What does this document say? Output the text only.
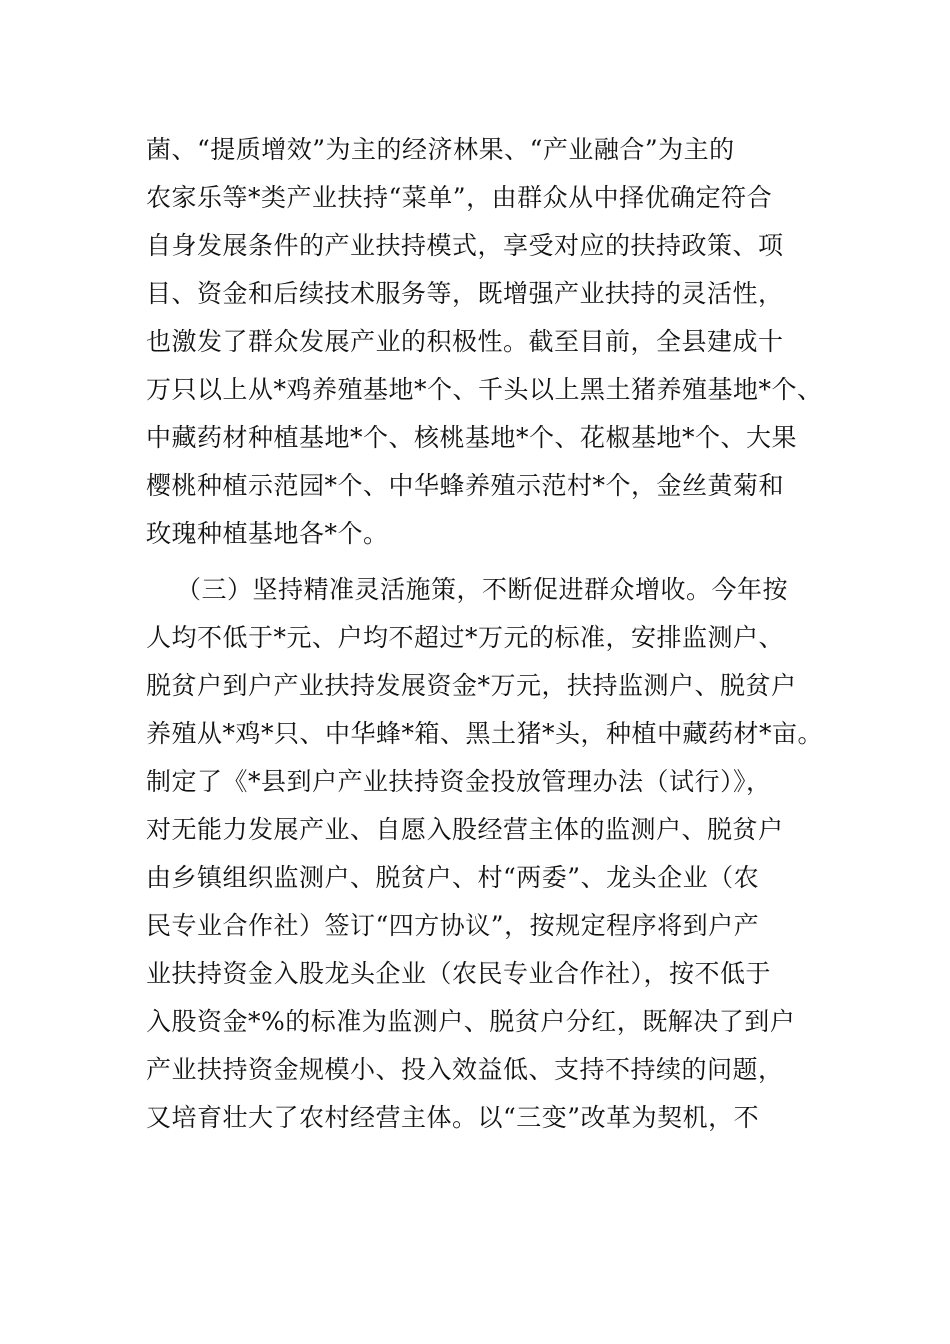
菌、“提质增效”为主的经济林果、“产业融合”为主的
农家乐等*类产业扶持“菜单”，由群众从中择优确定符合
自身发展条件的产业扶持模式，享受对应的扶持政策、项
目、资金和后续技术服务等，既增强产业扶持的灵活性，
也激发了群众发展产业的积极性。截至目前，全县建成十
万只以上从*鸡养殖基地*个、千头以上黑土猪养殖基地*个、
中藏药材种植基地*个、核桃基地*个、花椒基地*个、大果
樱桃种植示范园*个、中华蜂养殖示范村*个，金丝黄菊和
玫瑰种植基地各*个。
（三）坚持精准灵活施策，不断促进群众增收。今年按
人均不低于*元、户均不超过*万元的标准，安排监测户、
脱贫户到户产业扶持发展资金*万元，扶持监测户、脱贫户
养殖从*鸡*只、中华蜂*箱、黑土猪*头，种植中藏药材*亩。
制定了《*县到户产业扶持资金投放管理办法（试行）》，
对无能力发展产业、自愿入股经营主体的监测户、脱贫户
由乡镇组织监测户、脱贫户、村“两委”、龙头企业（农
民专业合作社）签订“四方协议”，按规定程序将到户产
业扶持资金入股龙头企业（农民专业合作社），按不低于
入股资金*%的标准为监测户、脱贫户分红，既解决了到户
产业扶持资金规模小、投入效益低、支持不持续的问题，
又培育壮大了农村经营主体。以“三变”改革为契机，不
